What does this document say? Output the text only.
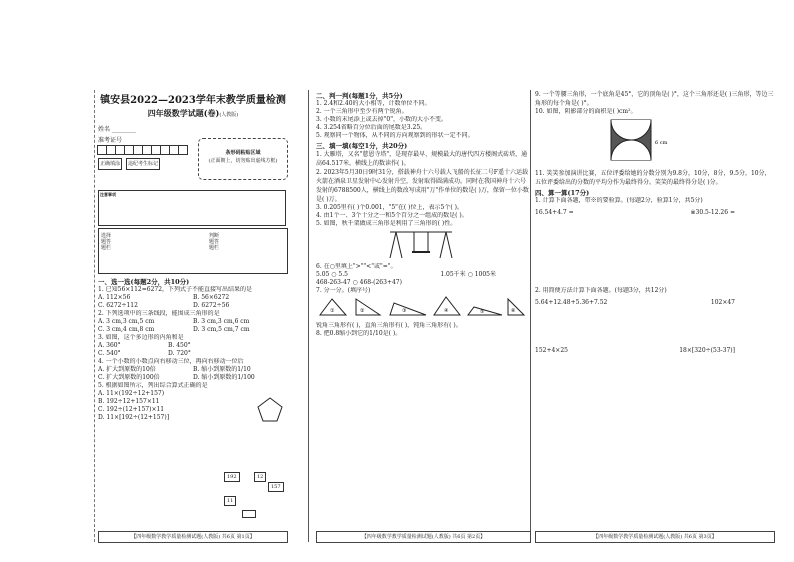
镇安县2022—2023学年末教学质量检测
四年级数学试题(卷)(人教版)
姓名 ________
准考证号
正确填涂	违纪考生标记
条形码粘贴区域
(正面朝上，切勿贴出虚线方框)
注意事项
选择题答题栏
判断题答题栏
一、选一选(每题2分，共10分)
1. 已知56×112=6272，下列式子不能直接写出结果的是
A. 112×56	B. 56×6272
C. 6272÷112	D. 6272÷56
2. 下列选项中的三条线段，能围成三角形的是
A. 3 cm,3 cm,5 cm	B. 3 cm,3 cm,6 cm
C. 3 cm,4 cm,8 cm	D. 3 cm,5 cm,7 cm
3. 如图，这个多边形的内角和是
A. 360°	B. 450°
C. 540°	D. 720°
4. 一个小数的小数点向右移动三位，再向右移动一位后
A. 扩大到原数的10倍	B. 缩小到原数的1/10
C. 扩大到原数的100倍	D. 缩小到原数的1/100
5. 根据如图所示，列出综合算式正确的是
A. 11×(192÷12+157)
B. 192÷12+157×11
C. 192÷(12+157)×11
D. 11×[192÷(12+157)]
192	12
157
11
【四年级数学教学质量检测试题(人教版) 共6页 第1页】
二、判一判(每题1分，共5分)
1. 2.4和2.40的大小相等，计数单位不同。
2. 一个三角形中至少有两个锐角。
3. 小数的末尾添上或去掉"0"，小数的大小不变。
4. 3.254省略百分位后面的尾数是3.25。
5. 观察同一个物体，从不同的方向观察到的形状一定不同。
三、填一填(每空1分，共20分)
1. 大雁塔，又名"慈恩寺塔"，是现存最早、规模最大的唐代四方楼阁式砖塔，通高64.517米，横线上的数读作( )。
2. 2023年5月30日9时31分，搭载神舟十六号载人飞船的长征二号F遥十六运载火箭在酒泉卫星发射中心发射升空，发射取得圆满成功。同时在我国神舟十六号发射的6788500人，横线上的数改写成用"万"作单位的数是( )万，保留一位小数是( )万。
3. 0.205里有( )个0.001，"5"在( )位上，表示5个( )。
4. 由1个一、3个十分之一和5个百分之一组成的数是( )。
5. 如图，秋千架做成三角形是利用了三角形的( )性。
6. 在○里填上">""<"或"="。
5.05 ○ 5.5	1.05千米 ○ 1005米
468-263-47 ○ 468-(263+47)
7. 分一分。(填序号)
①	②	③	④	⑤	⑥
锐角三角形有( )，直角三角形有( )，钝角三角形有( )。
8. 把0.8缩小到它的1/10是( )。
【四年级数学教学质量检测试题(人教版) 共6页 第2页】
9. 一个等腰三角形，一个底角是45°，它的顶角是( )°，这个三角形还是( )三角形，等边三角形的每个角是( )°。
10. 如图，阴影部分的面积是( )cm²。
6 cm
11. 笑笑参加演讲比赛，五位评委给她的分数分别为9.8分，10分，8分，9.5分，10分，五位评委给出的分数的平均分作为最终得分。笑笑的最终得分是( )分。
四、算一算(17分)
1. 计算下面各题，带※的要验算。(每题2分，验算1分，共5分)
16.54+4.7 =	※30.5-12.26 =
2. 用简便方法计算下面各题。(每题3分，共12分)
5.64+12.48+5.36+7.52	102×47
152+4×25	18×[320÷(53-37)]
【四年级数学教学质量检测试题(人教版) 共6页 第3页】
